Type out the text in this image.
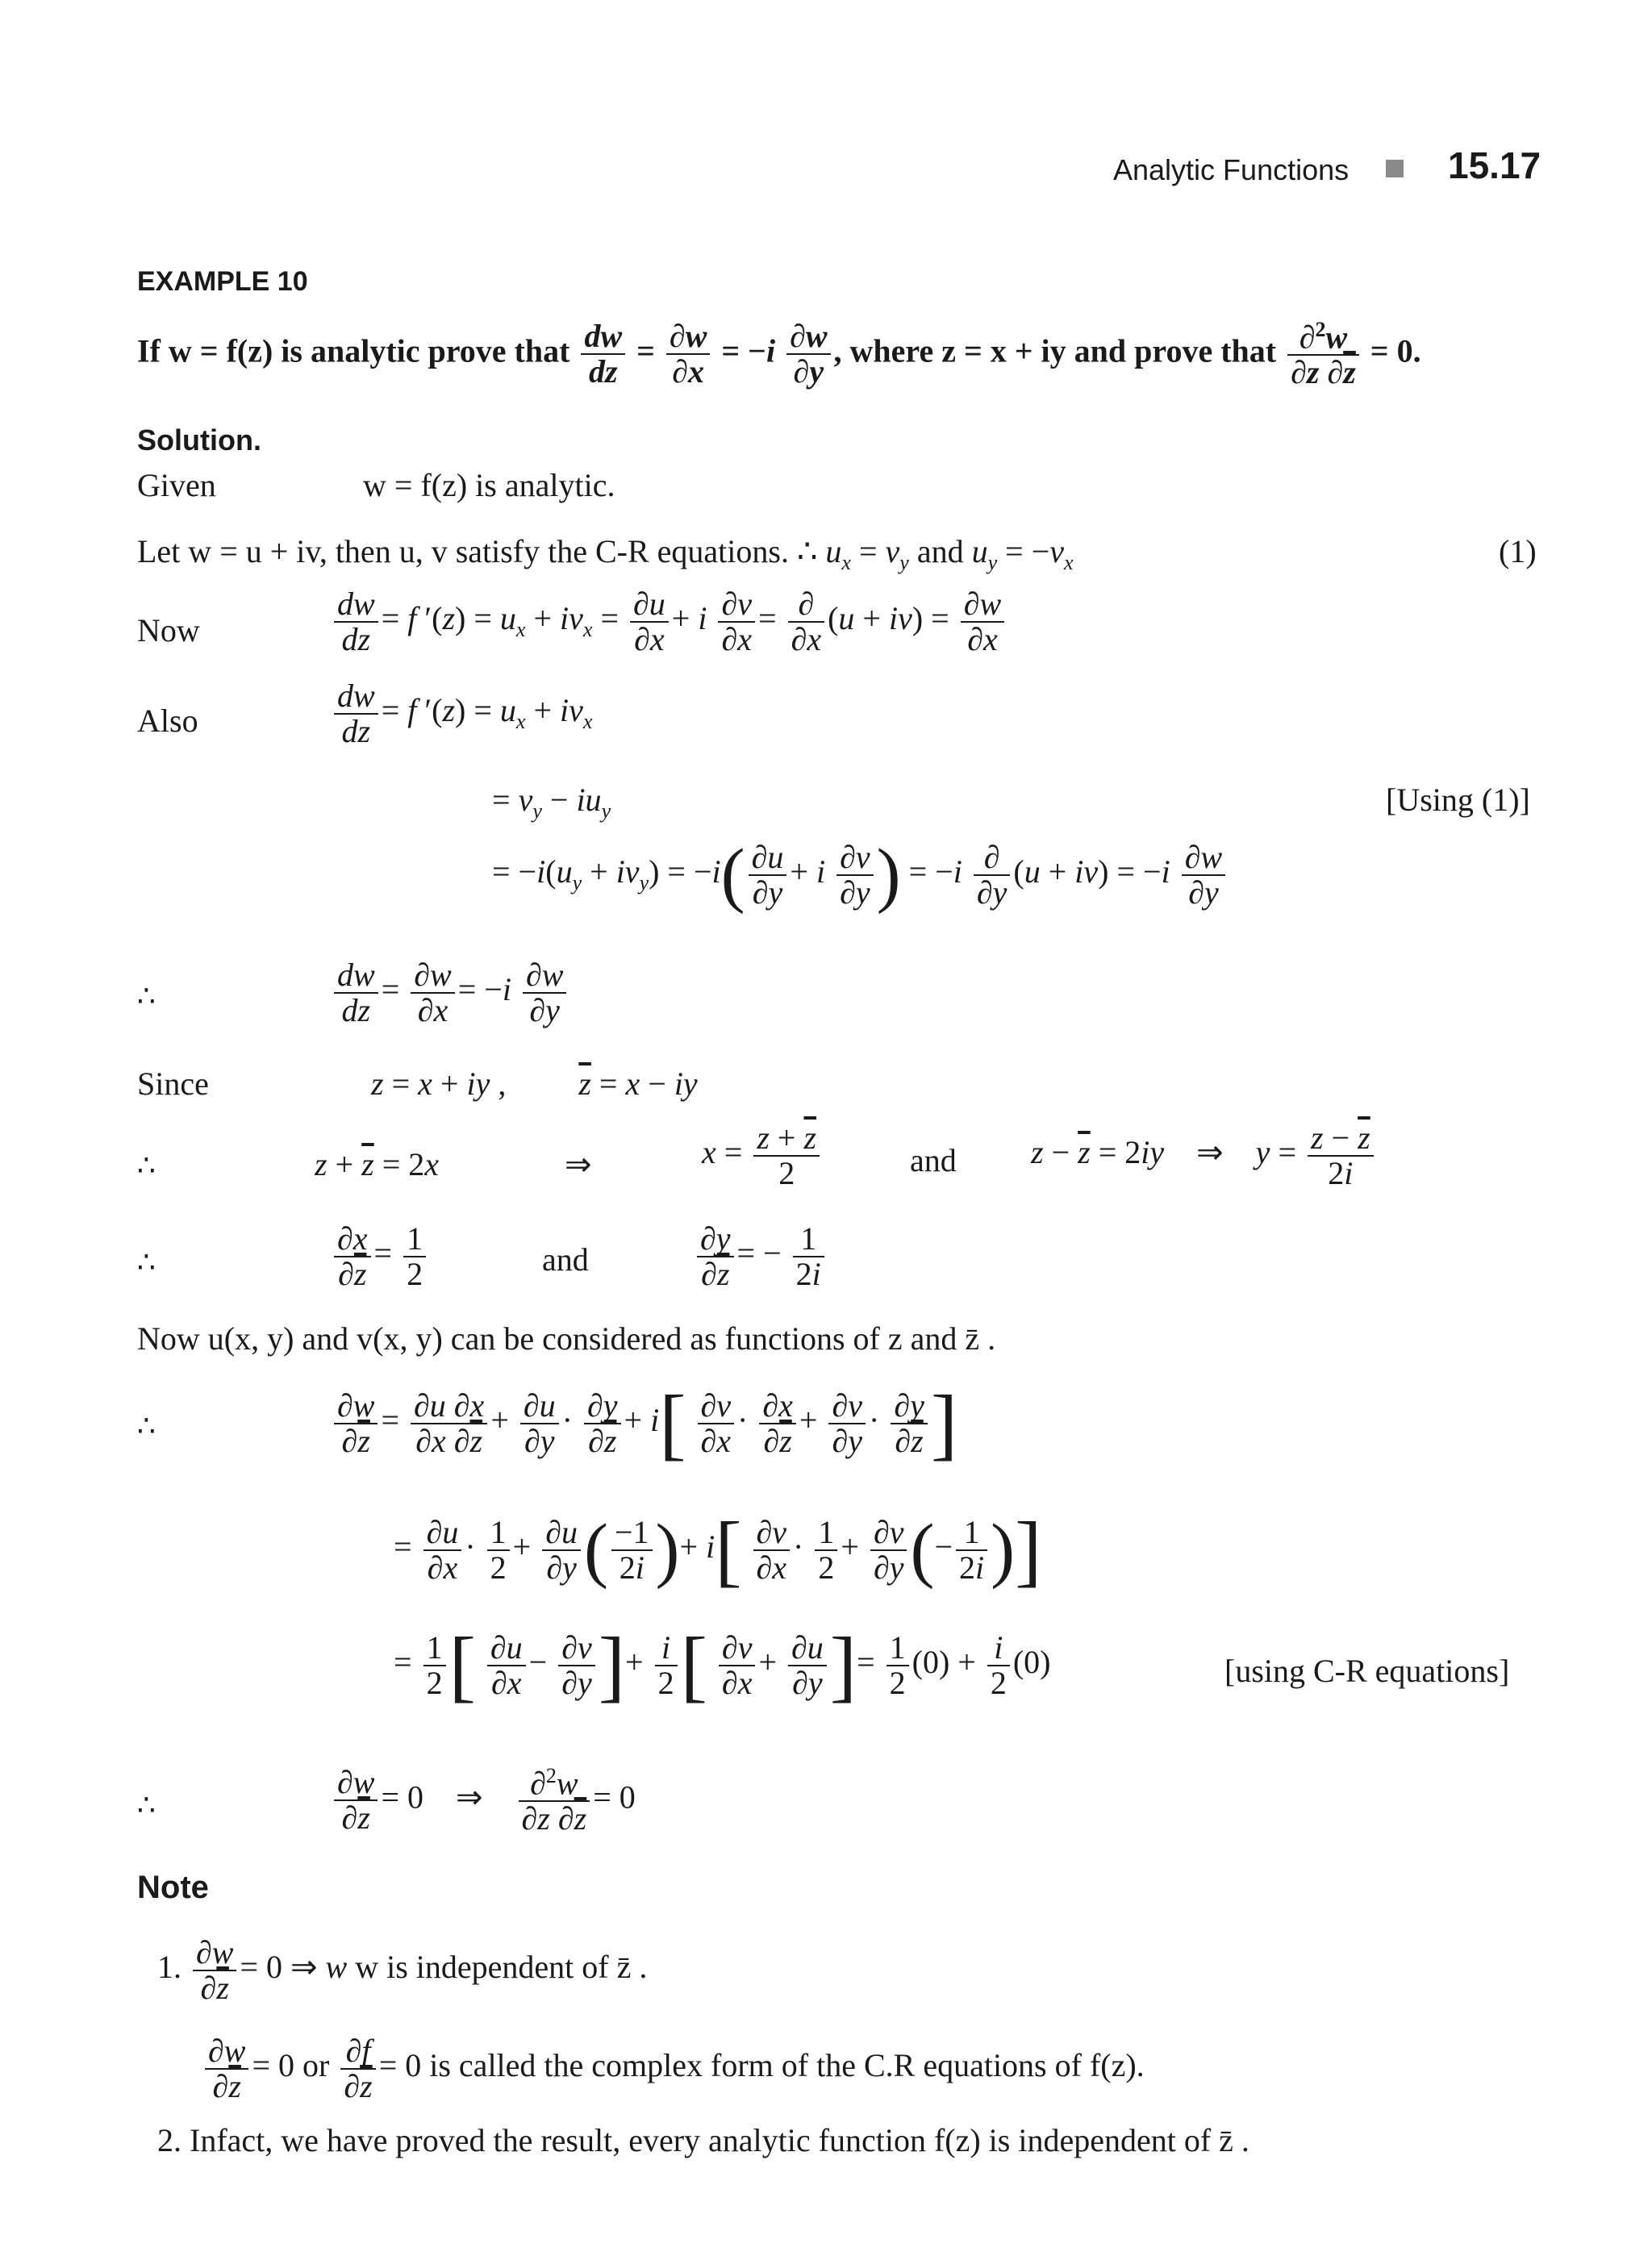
Analytic Functions	15.17
EXAMPLE 10
If w = f(z) is analytic prove that $\frac{dw}{dz} = \frac{\partial w}{\partial x} = -i \frac{\partial w}{\partial y}$ , where z = x + iy and prove that $\frac{\partial^2w}{\partial z \partial\overline{z}} = 0$.
Solution.
Given	w = f(z) is analytic.
Let w = u + iv, then u, v satisfy the C-R equations. ∴ $u_x = v_y$ and $u_y = -v_x$	(1)
Now	$\frac{dw}{dz} = f$ $'(z) = u_x + iv_x = \frac{\partial u}{\partial x} + i \frac{\partial v}{\partial x} = \frac{\partial}{\partial x} (u + iv) = \frac{\partial w}{\partial x}$
Also	$\frac{dw}{dz} = f$ $'(z) = u_x + iv_x$
= $v_y - iu_y$	[Using (1)]
= $-i(u_y + iv_y) = -i( \frac{\partial u}{\partial y} + i \frac{\partial v}{\partial y}$ ) = $-i \frac{\partial}{\partial y} (u + iv) = -i \frac{\partial w}{\partial y}$
∴	$\frac{dw}{dz} = \frac{\partial w}{\partial x} = -i \frac{\partial w}{\partial y}$
Since	z = x + iy ,         $\overline{z} = x$ − iy
∴	$z + \overline{z} = 2x$	⇒	$x = \frac{z + \overline{z}}{2}$	and $z - \overline{z} = 2iy$    ⇒    $y = \frac{z - \overline{z}}{2i}$
∴	$\frac{\partial x}{\partial\overline{z}} = \frac{1}{2}$	and	$\frac{\partial y}{\partial\overline{z}}$ = − $\frac{1}{2i}$
Now u(x, y) and v(x, y) can be considered as functions of z and z̄ .
∴	$\frac{\partial w}{\partial\overline{z}} = \frac{\partial u \partial x}{\partial x \partial\overline{z}} + \frac{\partial u}{\partial y} \cdot \frac{\partial y}{\partial\overline{z}} + i[ \frac{\partial v}{\partial x} \cdot \frac{\partial x}{\partial\overline{z}} + \frac{\partial v}{\partial y} \cdot \frac{\partial y}{\partial\overline{z}}$ ]
= $\frac{\partial u}{\partial x} \cdot \frac{1}{2} + \frac{\partial u}{\partial y}$ ( $\frac{-1}{2i}$ )+ $i[ \frac{\partial v}{\partial x} \cdot \frac{1}{2} + \frac{\partial v}{\partial y}$ (− $\frac{1}{2i}$ )]
= $\frac{1}{2}$ [ $\frac{\partial u}{\partial x} - \frac{\partial v}{\partial y}$ ]+ $\frac{i}{2}$ [ $\frac{\partial v}{\partial x} + \frac{\partial u}{\partial y}$ ]= $\frac{1}{2} (0) + \frac{i}{2} (0)$	[using C-R equations]
∴	$\frac{\partial w}{\partial\overline{z}} = 0$    ⇒ $\frac{\partial^2w}{\partial z \partial\overline{z}} = 0$
Note
1. $\frac{\partial w}{\partial\overline{z}} = 0$ ⇒ w w is independent of z̄ .
$\frac{\partial w}{\partial\overline{z}} = 0$ or $\frac{\partial f}{\partial\overline{z}} = 0$ is called the complex form of the C.R equations of f(z).
2. Infact, we have proved the result, every analytic function f(z) is independent of z̄ .
